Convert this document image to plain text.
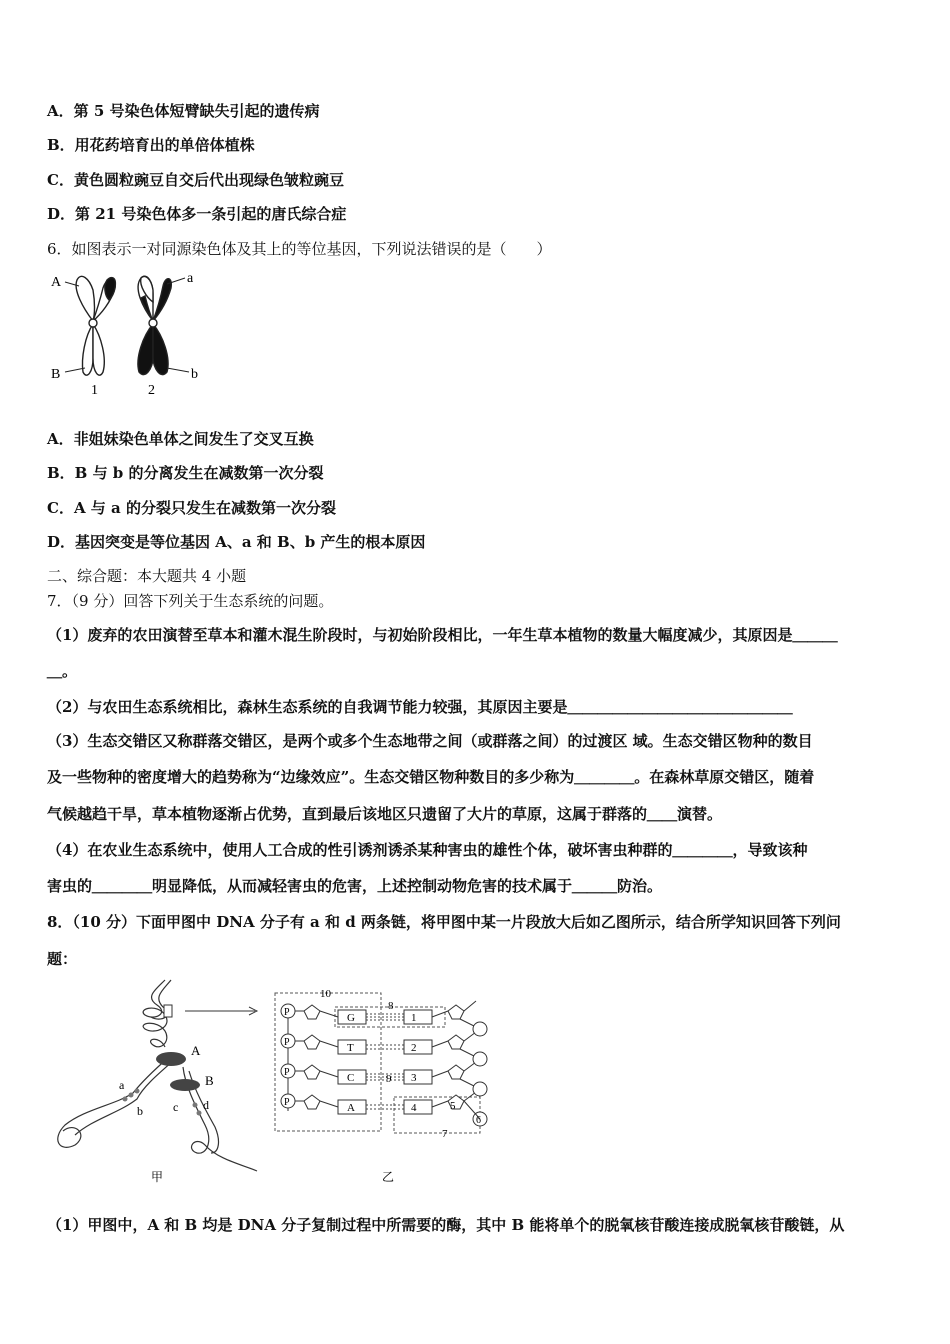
A．第 5 号染色体短臂缺失引起的遗传病
B．用花药培育出的单倍体植株
C．黄色圆粒豌豆自交后代出现绿色皱粒豌豆
D．第 21 号染色体多一条引起的唐氏综合症
6．如图表示一对同源染色体及其上的等位基因，下列说法错误的是（　　）
A	a
B	b
1	2
A．非姐妹染色单体之间发生了交叉互换
B．B 与 b 的分离发生在减数第一次分裂
C．A 与 a 的分裂只发生在减数第一次分裂
D．基因突变是等位基因 A、a 和 B、b 产生的根本原因
二、综合题：本大题共 4 小题
7．（9 分）回答下列关于生态系统的问题。
（1）废弃的农田演替至草本和灌木混生阶段时，与初始阶段相比，一年生草本植物的数量大幅度减少，其原因是＿＿＿
＿。
（2）与农田生态系统相比，森林生态系统的自我调节能力较强，其原因主要是＿＿＿＿＿＿＿＿＿＿＿＿＿＿＿
（3）生态交错区又称群落交错区，是两个或多个生态地带之间（或群落之间）的过渡区 域。生态交错区物种的数目
及一些物种的密度增大的趋势称为“边缘效应”。生态交错区物种数目的多少称为＿＿＿＿。在森林草原交错区，随着
气候越趋干旱，草本植物逐渐占优势，直到最后该地区只遗留了大片的草原，这属于群落的＿＿演替。
（4）在农业生态系统中，使用人工合成的性引诱剂诱杀某种害虫的雄性个体，破坏害虫种群的＿＿＿＿，导致该种
害虫的＿＿＿＿明显降低，从而减轻害虫的危害，上述控制动物危害的技术属于＿＿＿防治。
8．（10 分）下面甲图中 DNA 分子有 a 和 d 两条链，将甲图中某一片段放大后如乙图所示，结合所学知识回答下列问
题：
A
B
a
b	c d
甲
P
P
P
P
G
T
C
A
1
2
3
4
10
8
9
5
6
7
乙
（1）甲图中，A 和 B 均是 DNA 分子复制过程中所需要的酶，其中 B 能将单个的脱氧核苷酸连接成脱氧核苷酸链，从
